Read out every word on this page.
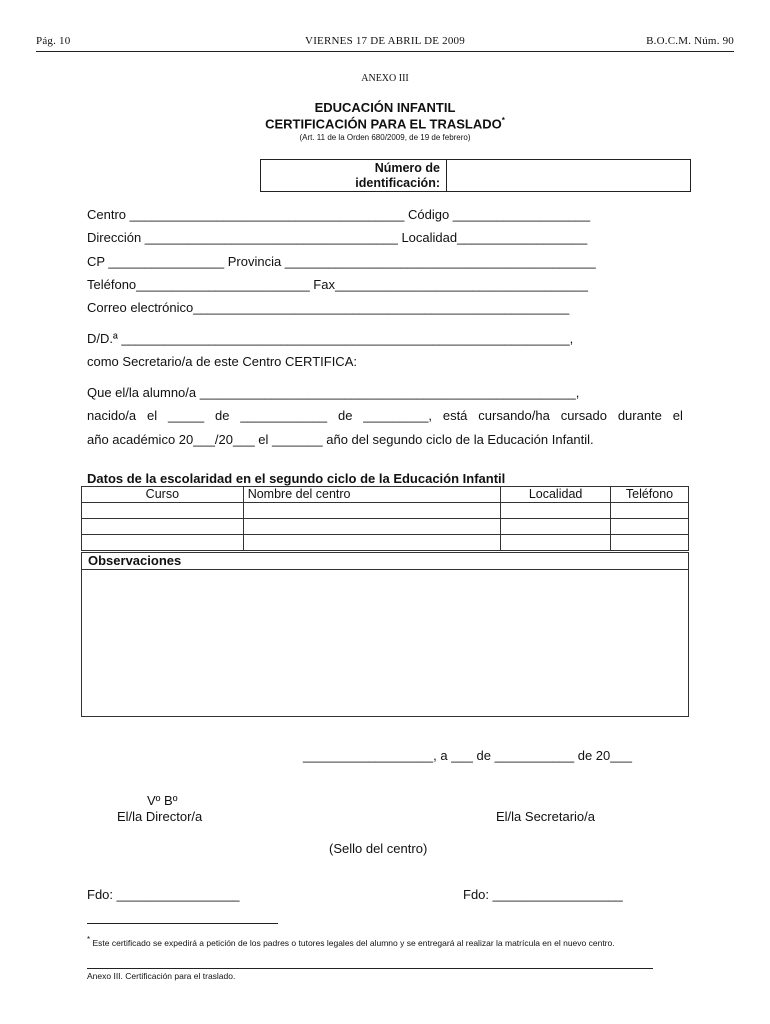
Pág. 10	VIERNES 17 DE ABRIL DE 2009	B.O.C.M. Núm. 90
ANEXO III
EDUCACIÓN INFANTIL
CERTIFICACIÓN PARA EL TRASLADO*
(Art. 11 de la Orden 680/2009, de 19 de febrero)
Número de
identificación:
Centro ______________________________________ Código ___________________
Dirección ___________________________________ Localidad__________________
CP ________________ Provincia ___________________________________________
Teléfono________________________ Fax___________________________________
Correo electrónico____________________________________________________
D/D.ª ______________________________________________________________,
como Secretario/a de este Centro CERTIFICA:
Que el/la alumno/a ____________________________________________________,
nacido/a el _____ de ____________ de _________, está cursando/ha cursado durante el
año académico 20___/20___ el _______ año del segundo ciclo de la Educación Infantil.
Datos de la escolaridad en el segundo ciclo de la Educación Infantil
Curso	Nombre del centro	Localidad	Teléfono

Observaciones
__________________, a ___ de ___________ de 20___
Vº Bº
El/la Director/a	El/la Secretario/a
(Sello del centro)
Fdo: _________________	Fdo: __________________
* Este certificado se expedirá a petición de los padres o tutores legales del alumno y se entregará al realizar la matrícula en el nuevo centro.
Anexo III. Certificación para el traslado.
